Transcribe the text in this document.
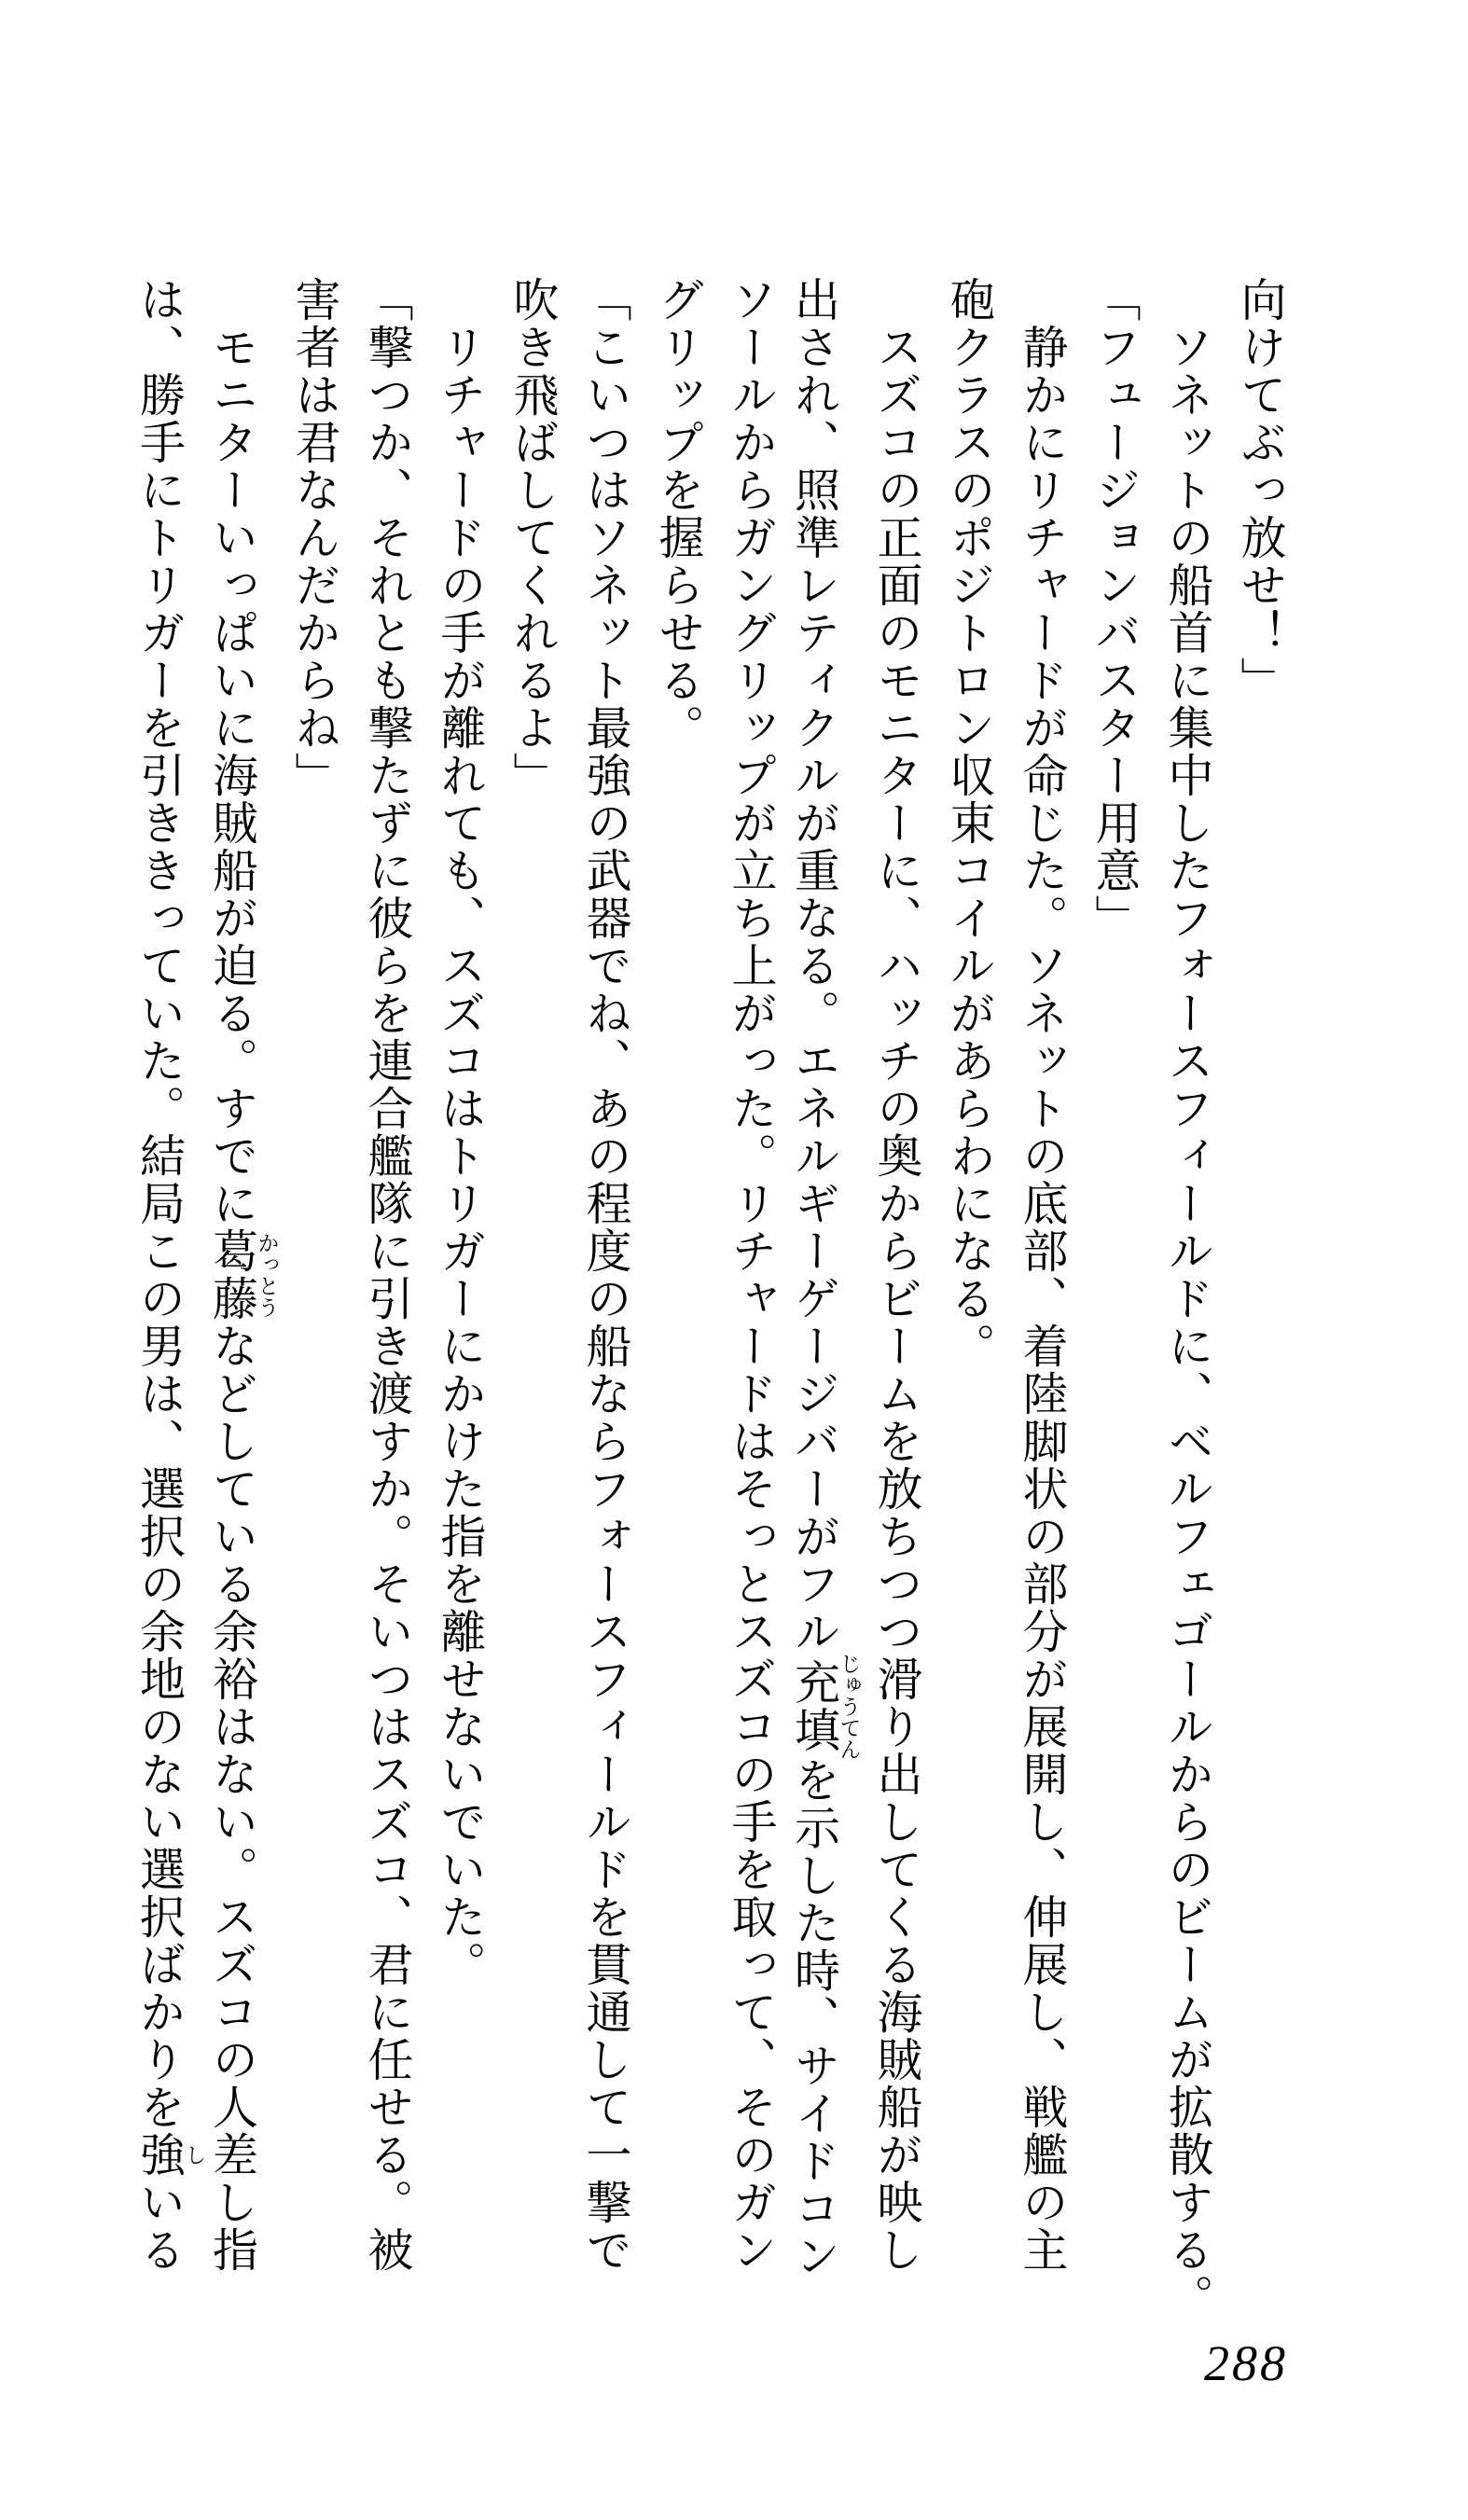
向けてぶっ放せ！」
　ソネットの船首に集中したフォースフィールドに、ベルフェゴールからのビームが拡散する。
「フュージョンバスター用意」
　静かにリチャードが命じた。ソネットの底部、着陸脚状の部分が展開し、伸展し、戦艦の主
砲クラスのポジトロン収束コイルがあらわになる。
　スズコの正面のモニターに、ハッチの奥からビームを放ちつつ滑り出してくる海賊船が映し
出され、照準レティクルが重なる。エネルギーゲージバーがフル充填じゅうてんを示した時、サイドコン
ソールからガングリップが立ち上がった。リチャードはそっとスズコの手を取って、そのガン
グリップを握らせる。
「こいつはソネット最強の武器でね、あの程度の船ならフォースフィールドを貫通して一撃で
吹き飛ばしてくれるよ」
　リチャードの手が離れても、スズコはトリガーにかけた指を離せないでいた。
「撃つか、それとも撃たずに彼らを連合艦隊に引き渡すか。そいつはスズコ、君に任せる。被
害者は君なんだからね」
　モニターいっぱいに海賊船が迫る。すでに葛藤かっとうなどしている余裕はない。スズコの人差し指
は、勝手にトリガーを引ききっていた。結局この男は、選択の余地のない選択ばかりを強しいる
288
